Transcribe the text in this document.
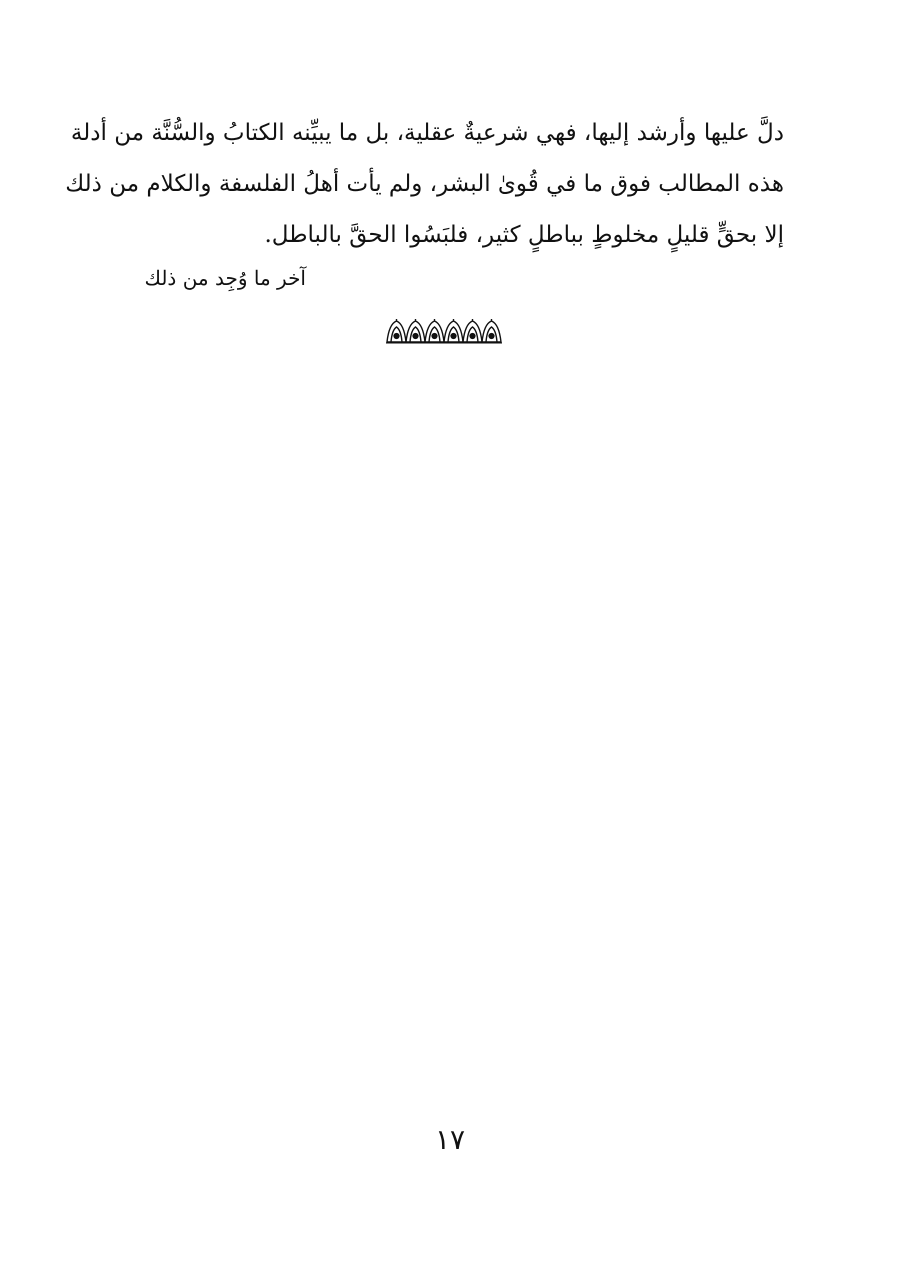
دلَّ عليها وأرشد إليها، فهي شرعيةٌ عقلية، بل ما يبيِّنه الكتابُ والسُّنَّة من أدلة
هذه المطالب فوق ما في قُوىٰ البشر، ولم يأت أهلُ الفلسفة والكلام من ذلك
إلا بحقٍّ قليلٍ مخلوطٍ بباطلٍ كثير، فلبَسُوا الحقَّ بالباطل.
آخر ما وُجِد من ذلك
١٧
